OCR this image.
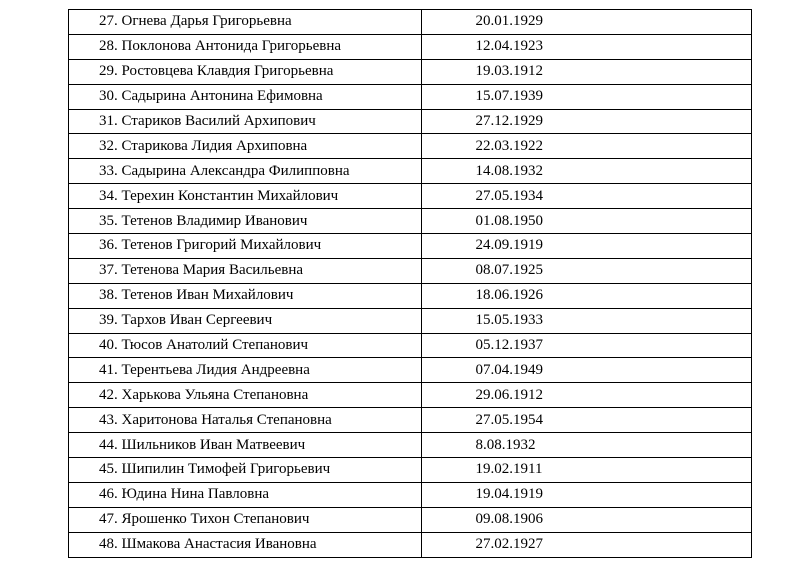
27. Огнева Дарья Григорьевна	20.01.1929
28. Поклонова Антонида Григорьевна	12.04.1923
29. Ростовцева Клавдия Григорьевна	19.03.1912
30. Садырина Антонина Ефимовна	15.07.1939
31. Стариков Василий Архипович	27.12.1929
32. Старикова Лидия Архиповна	22.03.1922
33. Садырина Александра Филипповна	14.08.1932
34. Терехин Константин Михайлович	27.05.1934
35. Тетенов Владимир Иванович	01.08.1950
36. Тетенов Григорий Михайлович	24.09.1919
37. Тетенова Мария Васильевна	08.07.1925
38. Тетенов Иван Михайлович	18.06.1926
39. Тархов Иван Сергеевич	15.05.1933
40. Тюсов Анатолий Степанович	05.12.1937
41. Терентьева Лидия Андреевна	07.04.1949
42. Харькова Ульяна Степановна	29.06.1912
43. Харитонова Наталья Степановна	27.05.1954
44. Шильников Иван Матвеевич	8.08.1932
45. Шипилин Тимофей Григорьевич	19.02.1911
46. Юдина Нина Павловна	19.04.1919
47. Ярошенко Тихон Степанович	09.08.1906
48. Шмакова Анастасия Ивановна	27.02.1927
